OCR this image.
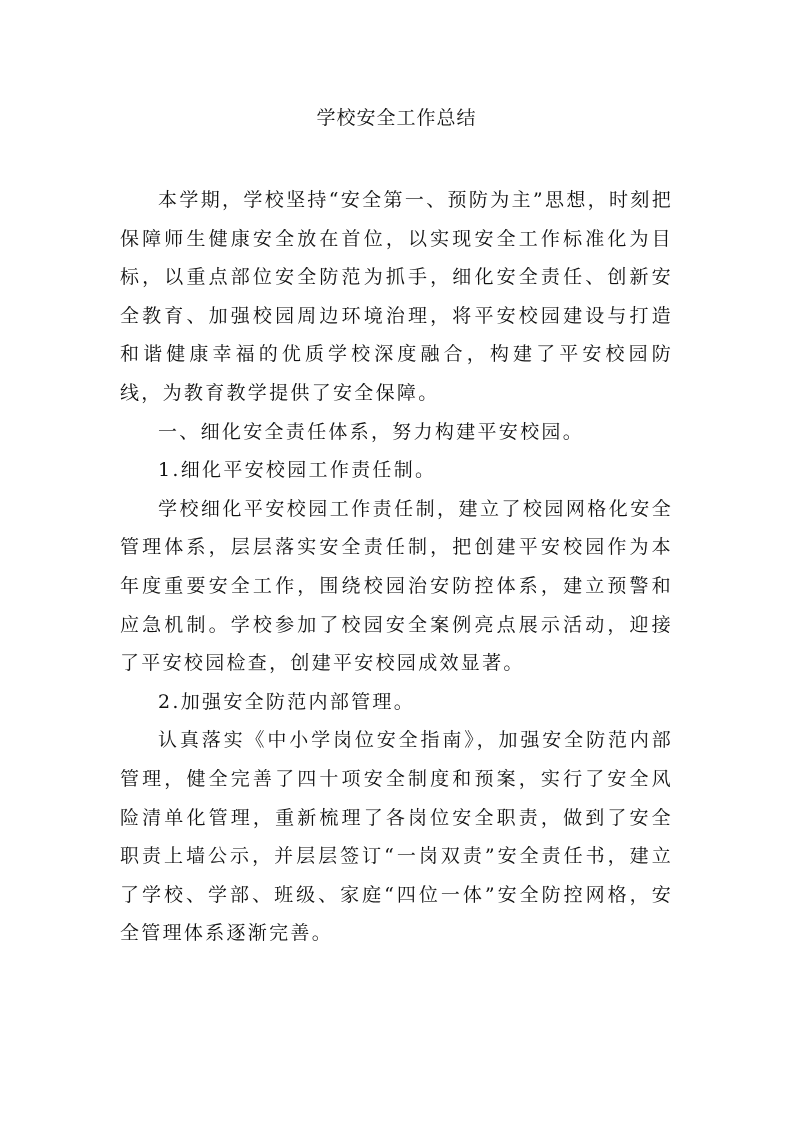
学校安全工作总结

本学期，学校坚持“安全第一、预防为主”思想，时刻把保障师生健康安全放在首位，以实现安全工作标准化为目标，以重点部位安全防范为抓手，细化安全责任、创新安全教育、加强校园周边环境治理，将平安校园建设与打造和谐健康幸福的优质学校深度融合，构建了平安校园防线，为教育教学提供了安全保障。

一、细化安全责任体系，努力构建平安校园。

1.细化平安校园工作责任制。

学校细化平安校园工作责任制，建立了校园网格化安全管理体系，层层落实安全责任制，把创建平安校园作为本年度重要安全工作，围绕校园治安防控体系，建立预警和应急机制。学校参加了校园安全案例亮点展示活动，迎接了平安校园检查，创建平安校园成效显著。

2.加强安全防范内部管理。

认真落实《中小学岗位安全指南》，加强安全防范内部管理，健全完善了四十项安全制度和预案，实行了安全风险清单化管理，重新梳理了各岗位安全职责，做到了安全职责上墙公示，并层层签订“一岗双责”安全责任书，建立了学校、学部、班级、家庭“四位一体”安全防控网格，安全管理体系逐渐完善。
